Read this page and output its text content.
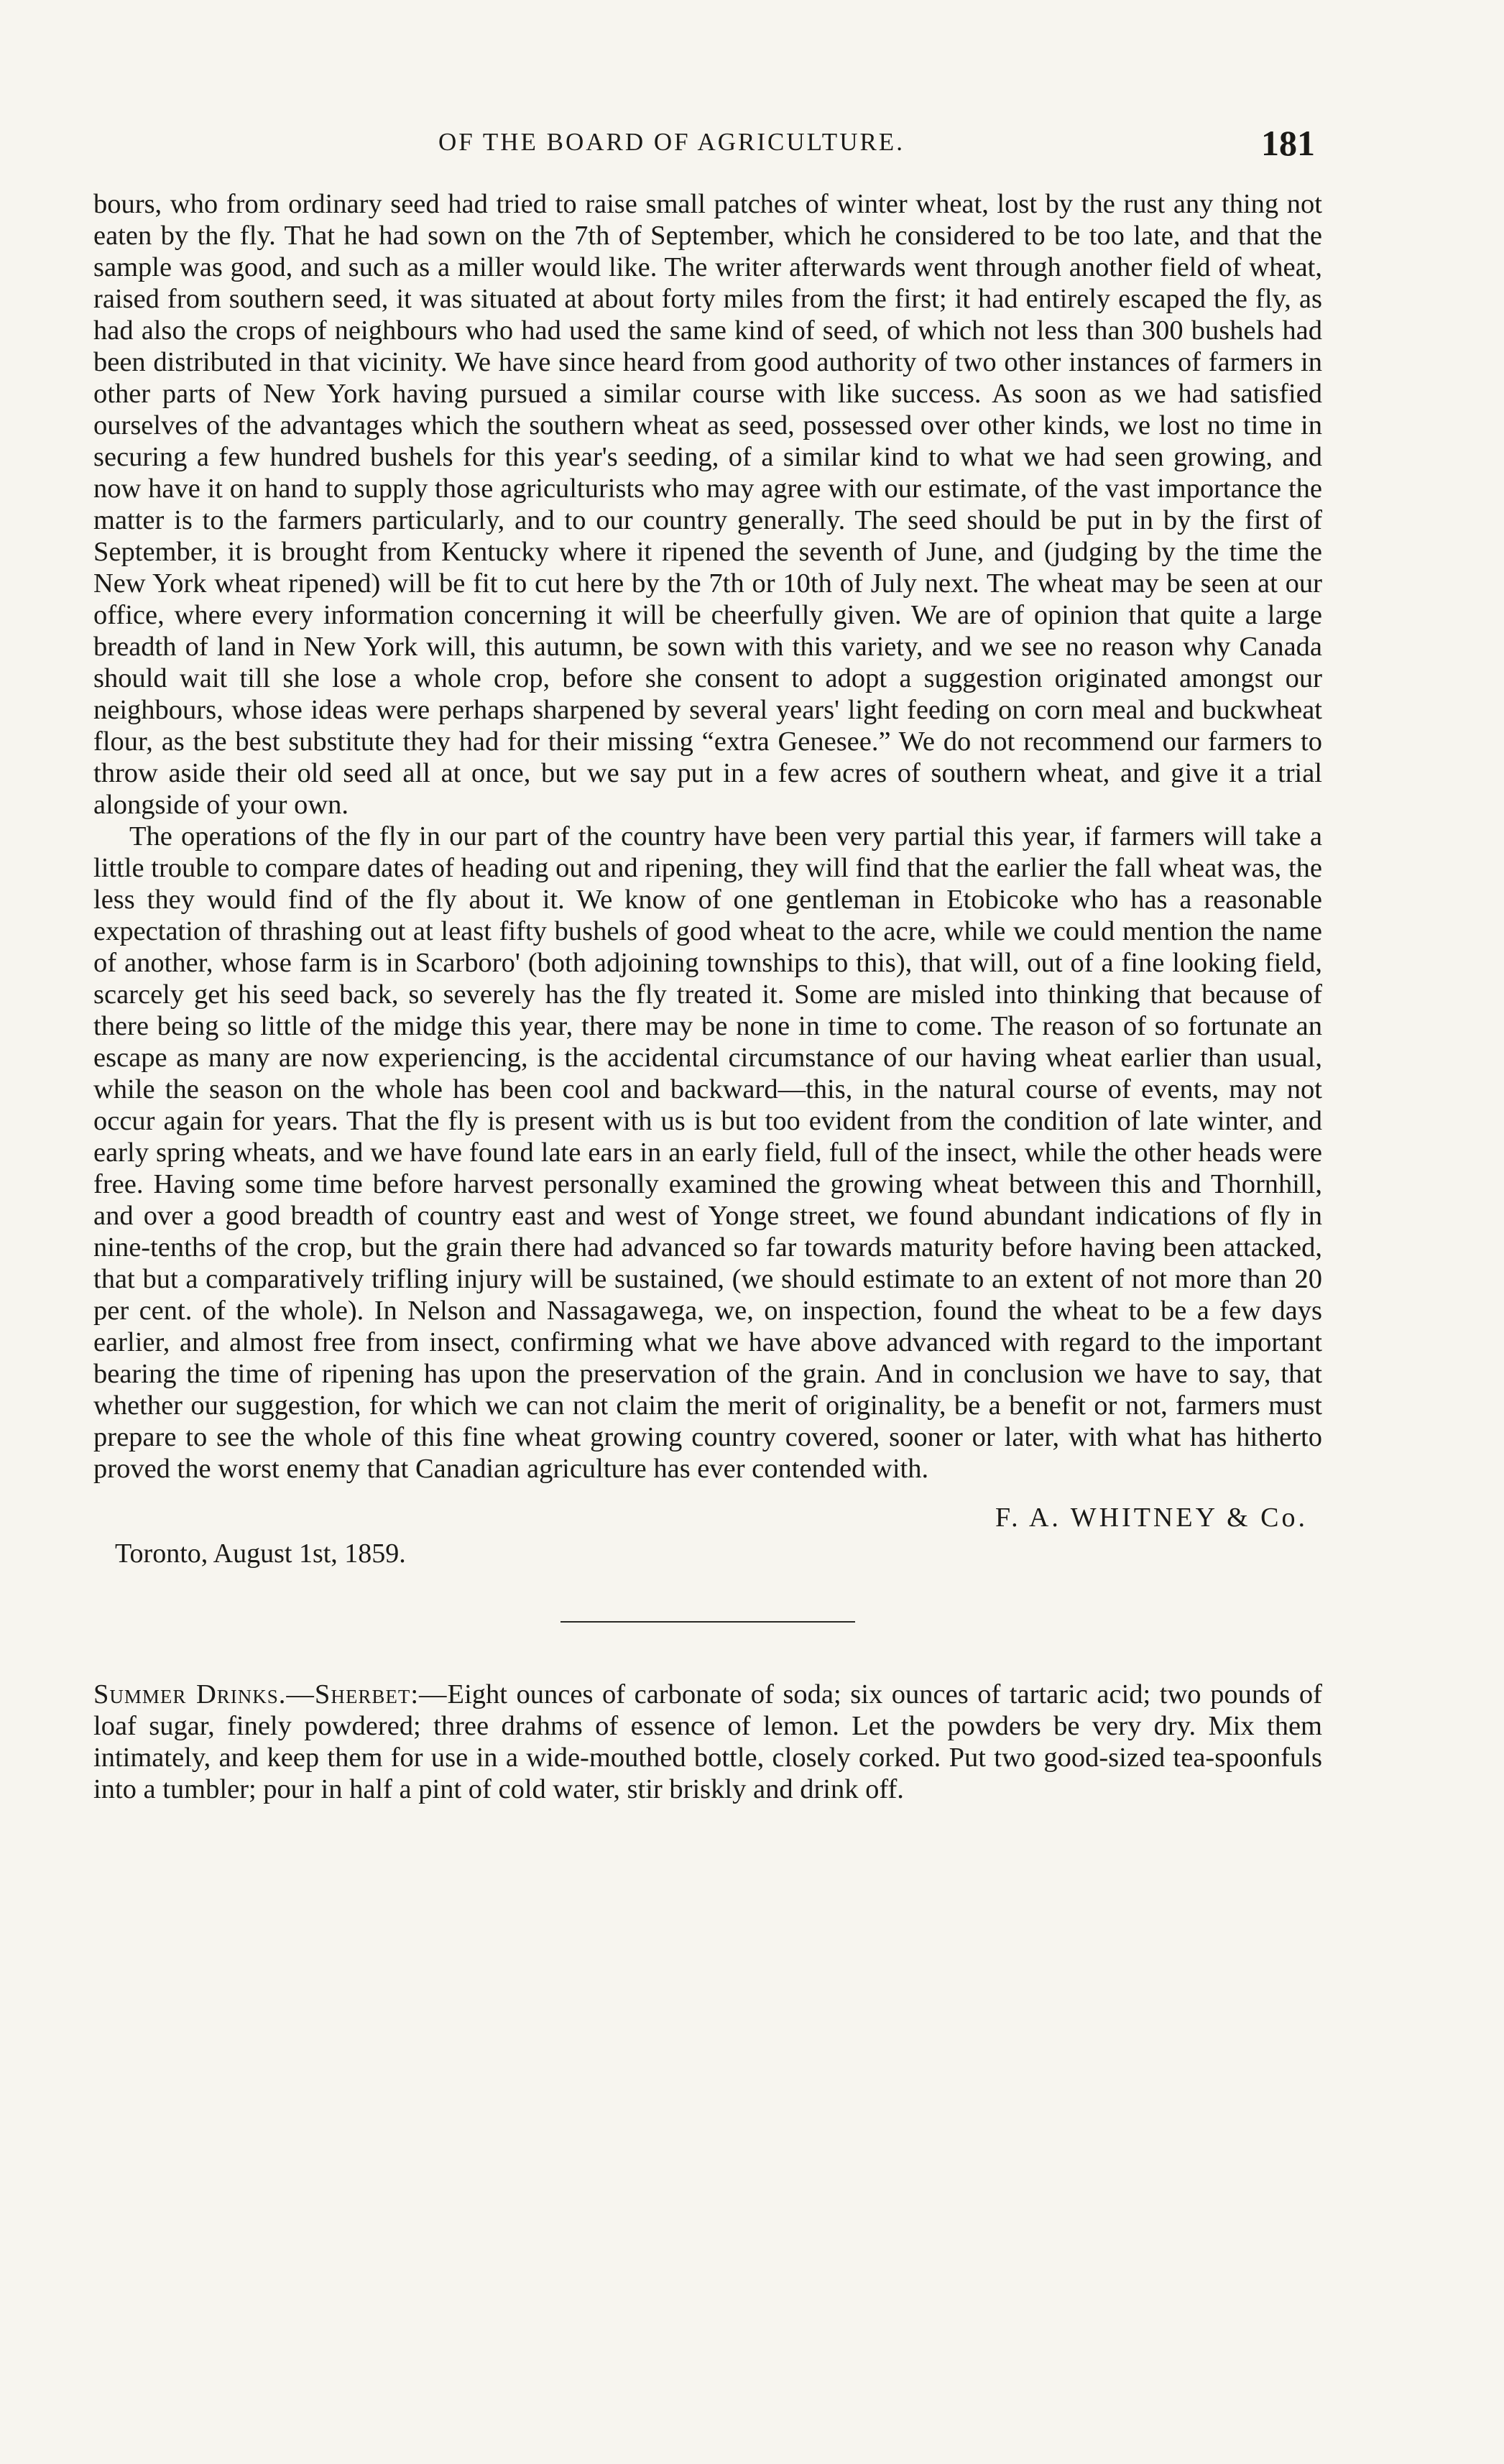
OF THE BOARD OF AGRICULTURE.	181

bours, who from ordinary seed had tried to raise small patches of winter wheat, lost by the rust any thing not eaten by the fly. That he had sown on the 7th of September, which he considered to be too late, and that the sample was good, and such as a miller would like. The writer afterwards went through another field of wheat, raised from southern seed, it was situated at about forty miles from the first; it had entirely escaped the fly, as had also the crops of neighbours who had used the same kind of seed, of which not less than 300 bushels had been distributed in that vicinity. We have since heard from good authority of two other instances of farmers in other parts of New York having pursued a similar course with like success. As soon as we had satisfied ourselves of the advantages which the southern wheat as seed, possessed over other kinds, we lost no time in securing a few hundred bushels for this year's seeding, of a similar kind to what we had seen growing, and now have it on hand to supply those agriculturists who may agree with our estimate, of the vast importance the matter is to the farmers particularly, and to our country generally. The seed should be put in by the first of September, it is brought from Kentucky where it ripened the seventh of June, and (judging by the time the New York wheat ripened) will be fit to cut here by the 7th or 10th of July next. The wheat may be seen at our office, where every information concerning it will be cheerfully given. We are of opinion that quite a large breadth of land in New York will, this autumn, be sown with this variety, and we see no reason why Canada should wait till she lose a whole crop, before she consent to adopt a suggestion originated amongst our neighbours, whose ideas were perhaps sharpened by several years' light feeding on corn meal and buckwheat flour, as the best substitute they had for their missing “extra Genesee.” We do not recommend our farmers to throw aside their old seed all at once, but we say put in a few acres of southern wheat, and give it a trial alongside of your own.

The operations of the fly in our part of the country have been very partial this year, if farmers will take a little trouble to compare dates of heading out and ripening, they will find that the earlier the fall wheat was, the less they would find of the fly about it. We know of one gentleman in Etobicoke who has a reasonable expectation of thrashing out at least fifty bushels of good wheat to the acre, while we could mention the name of another, whose farm is in Scarboro' (both adjoining townships to this), that will, out of a fine looking field, scarcely get his seed back, so severely has the fly treated it. Some are misled into thinking that because of there being so little of the midge this year, there may be none in time to come. The reason of so fortunate an escape as many are now experiencing, is the accidental circumstance of our having wheat earlier than usual, while the season on the whole has been cool and backward—this, in the natural course of events, may not occur again for years. That the fly is present with us is but too evident from the condition of late winter, and early spring wheats, and we have found late ears in an early field, full of the insect, while the other heads were free. Having some time before harvest personally examined the growing wheat between this and Thornhill, and over a good breadth of country east and west of Yonge street, we found abundant indications of fly in nine-tenths of the crop, but the grain there had advanced so far towards maturity before having been attacked, that but a comparatively trifling injury will be sustained, (we should estimate to an extent of not more than 20 per cent. of the whole). In Nelson and Nassagawega, we, on inspection, found the wheat to be a few days earlier, and almost free from insect, confirming what we have above advanced with regard to the important bearing the time of ripening has upon the preservation of the grain. And in conclusion we have to say, that whether our suggestion, for which we can not claim the merit of originality, be a benefit or not, farmers must prepare to see the whole of this fine wheat growing country covered, sooner or later, with what has hitherto proved the worst enemy that Canadian agriculture has ever contended with.

F. A. WHITNEY & Co.
Toronto, August 1st, 1859.

Summer Drinks.—Sherbet:—Eight ounces of carbonate of soda; six ounces of tartaric acid; two pounds of loaf sugar, finely powdered; three drahms of essence of lemon. Let the powders be very dry. Mix them intimately, and keep them for use in a wide-mouthed bottle, closely corked. Put two good-sized tea-spoonfuls into a tumbler; pour in half a pint of cold water, stir briskly and drink off.
